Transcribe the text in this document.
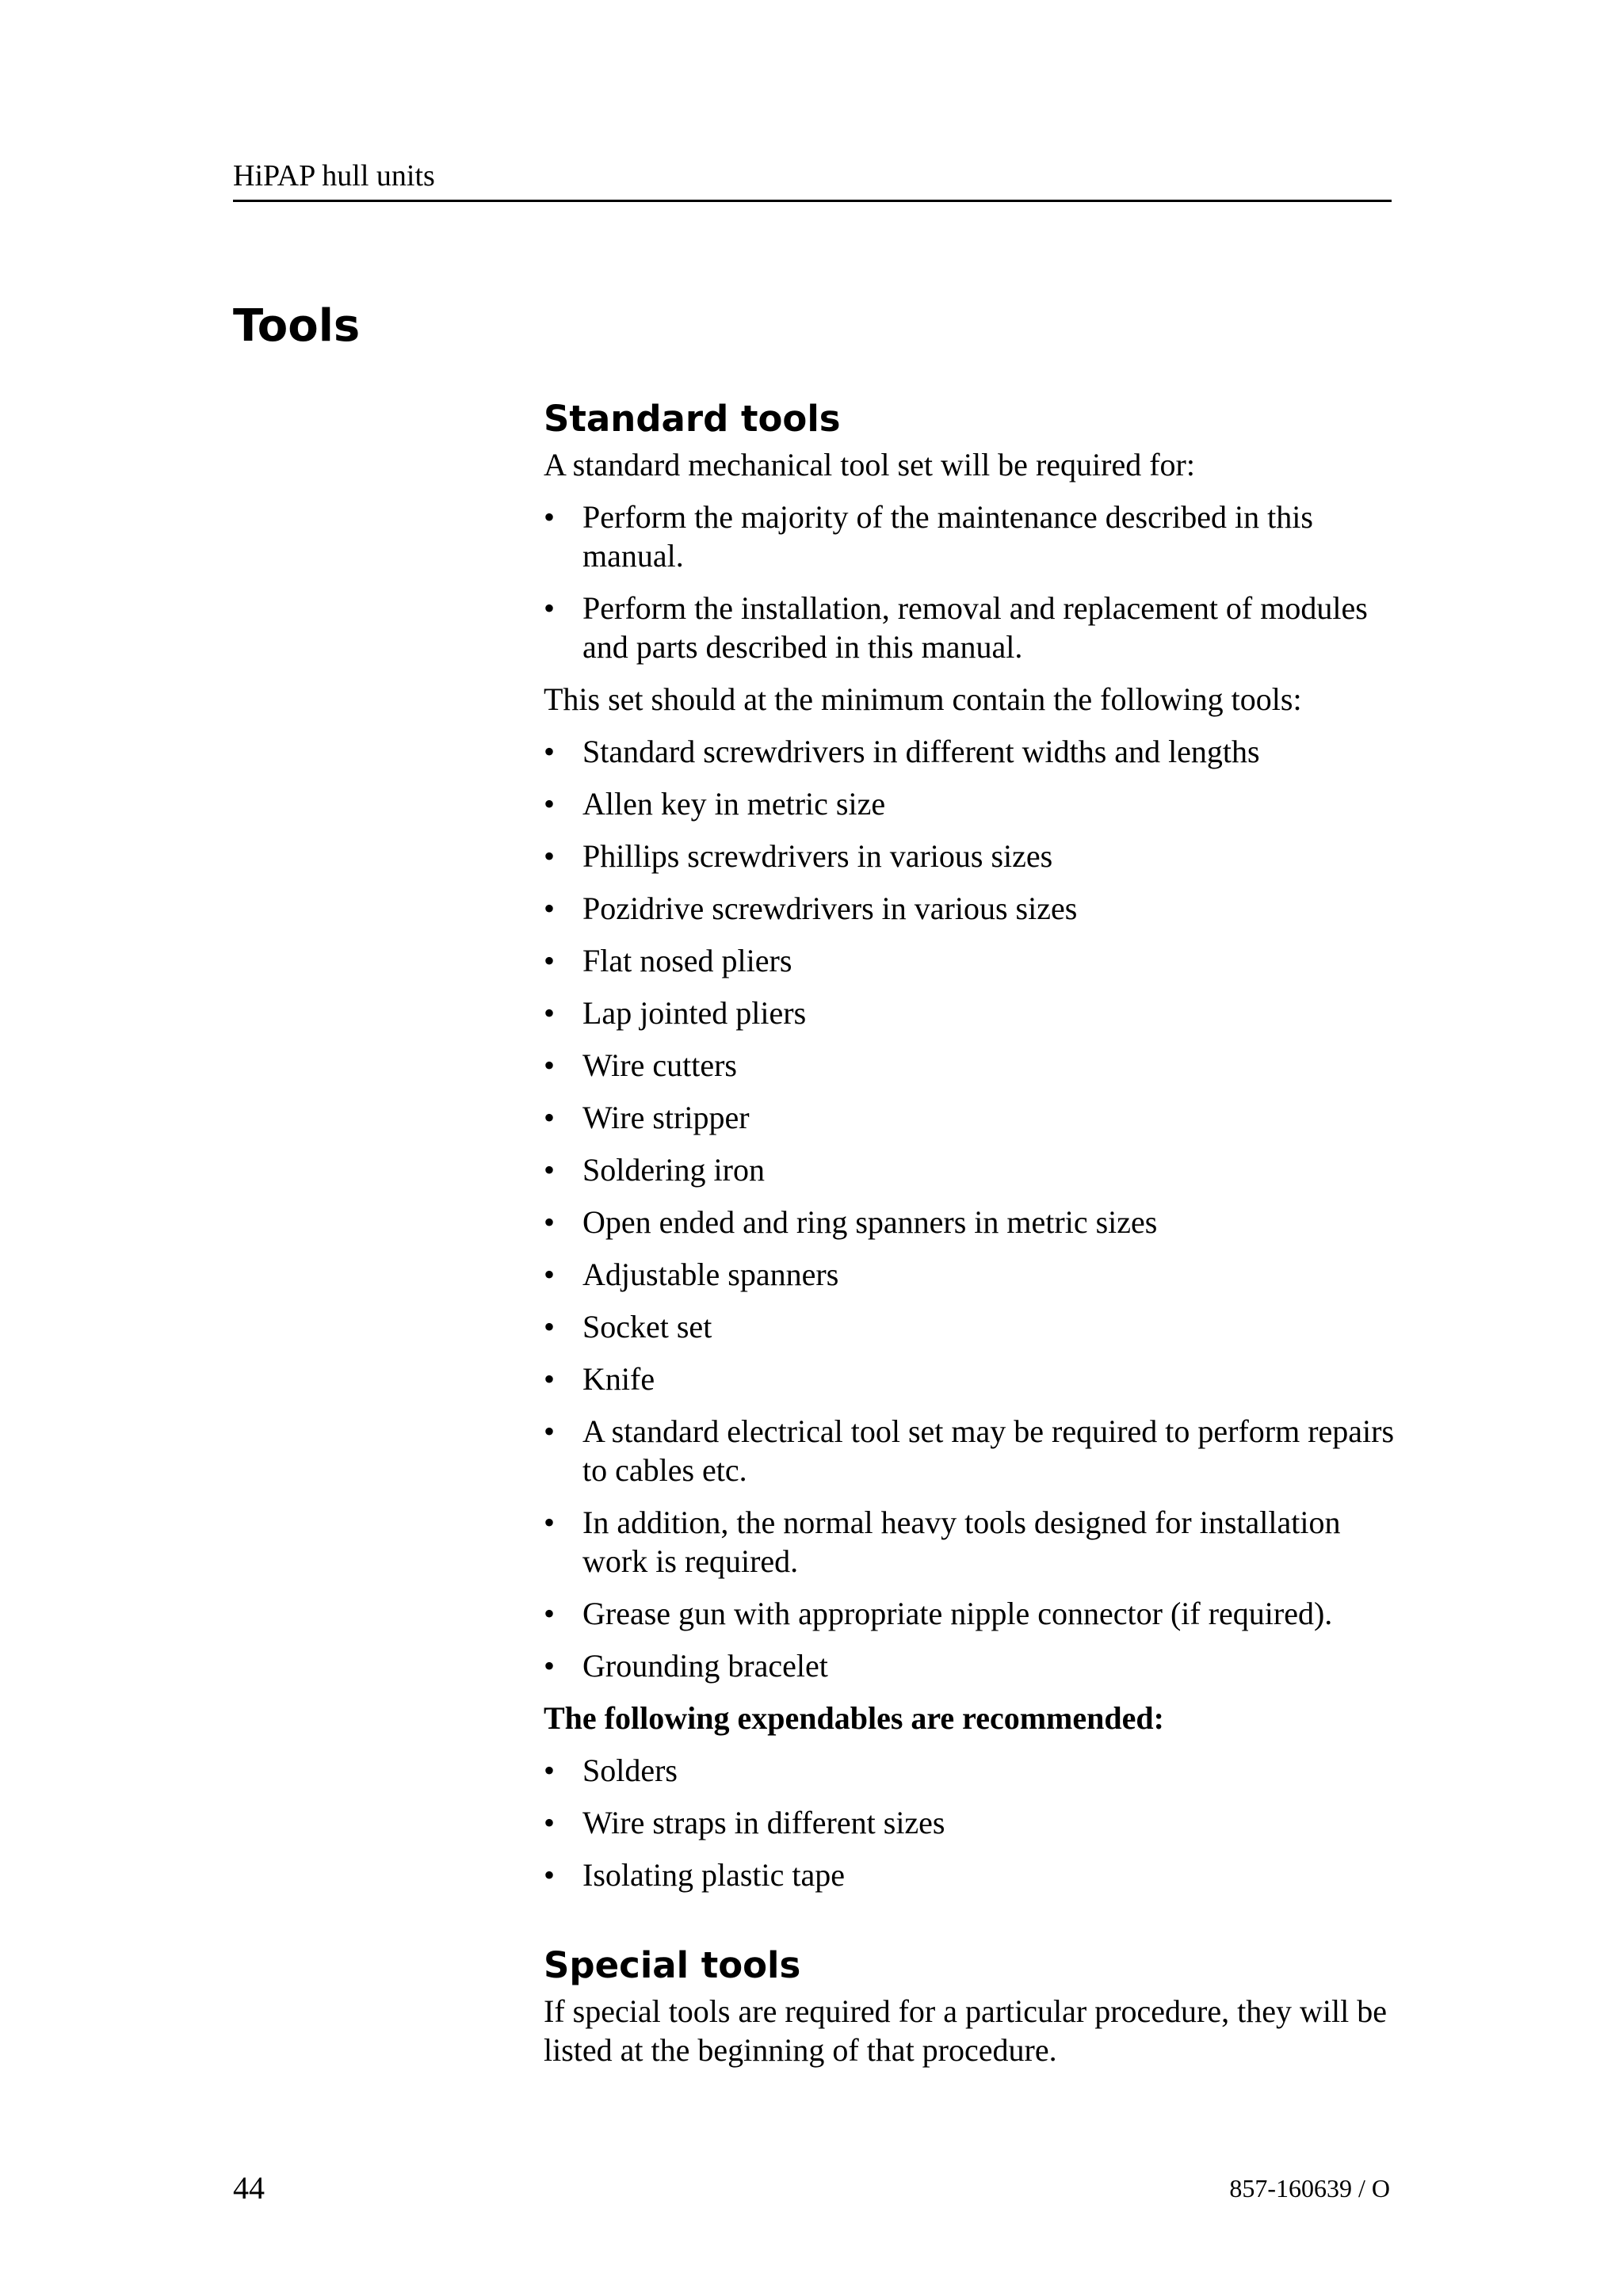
HiPAP hull units
Tools
Standard tools

A standard mechanical tool set will be required for:

• Perform the majority of the maintenance described in this manual.
• Perform the installation, removal and replacement of modules and parts described in this manual.

This set should at the minimum contain the following tools:

• Standard screwdrivers in different widths and lengths
• Allen key in metric size
• Phillips screwdrivers in various sizes
• Pozidrive screwdrivers in various sizes
• Flat nosed pliers
• Lap jointed pliers
• Wire cutters
• Wire stripper
• Soldering iron
• Open ended and ring spanners in metric sizes
• Adjustable spanners
• Socket set
• Knife
• A standard electrical tool set may be required to perform repairs to cables etc.
• In addition, the normal heavy tools designed for installation work is required.
• Grease gun with appropriate nipple connector (if required).
• Grounding bracelet

The following expendables are recommended:

• Solders
• Wire straps in different sizes
• Isolating plastic tape
Special tools

If special tools are required for a particular procedure, they will be listed at the beginning of that procedure.

44	857-160639 / O
